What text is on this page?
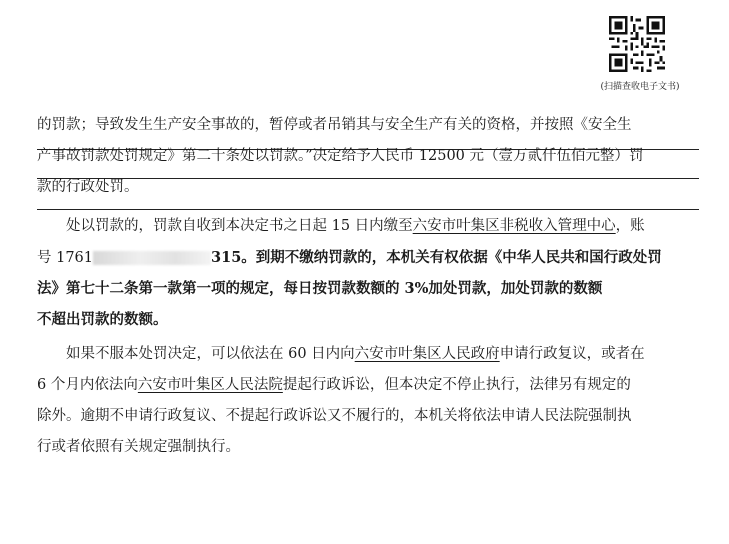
(扫描查收电子文书)
的罚款；导致发生生产安全事故的，暂停或者吊销其与安全生产有关的资格，并按照《安全生
产事故罚款处罚规定》第二十条处以罚款。”决定给予人民币 12500 元（壹万贰仟伍佰元整）罚
款的行政处罚。
处以罚款的，罚款自收到本决定书之日起 15 日内缴至六安市叶集区非税收入管理中心，账
号 1761	315。到期不缴纳罚款的，本机关有权依据《中华人民共和国行政处罚
法》第七十二条第一款第一项的规定，每日按罚款数额的 3%加处罚款，加处罚款的数额
不超出罚款的数额。
如果不服本处罚决定，可以依法在 60 日内向六安市叶集区人民政府申请行政复议，或者在
6 个月内依法向六安市叶集区人民法院提起行政诉讼，但本决定不停止执行，法律另有规定的
除外。逾期不申请行政复议、不提起行政诉讼又不履行的，本机关将依法申请人民法院强制执
行或者依照有关规定强制执行。
